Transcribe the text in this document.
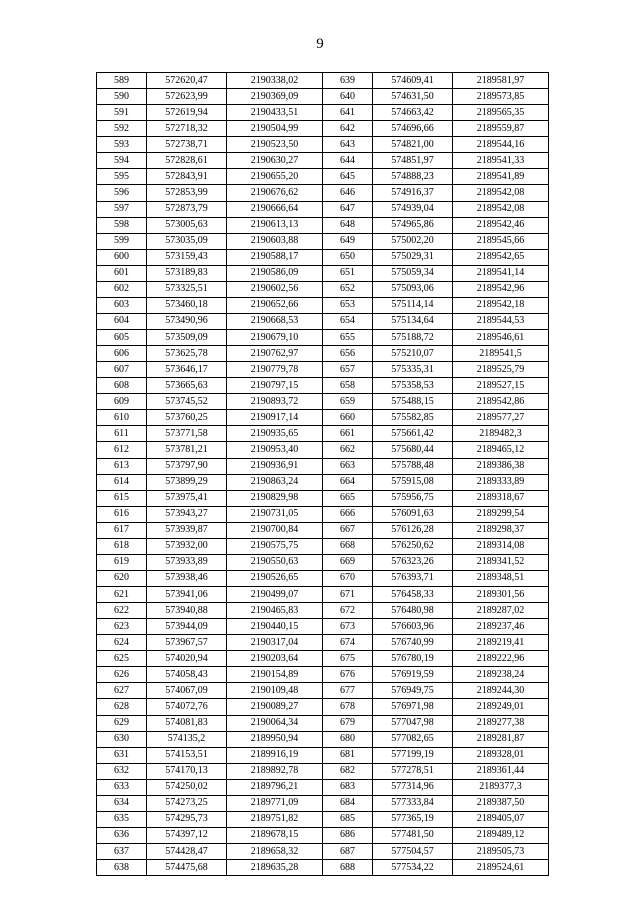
9
589	572620,47	2190338,02	639	574609,41	2189581,97
590	572623,99	2190369,09	640	574631,50	2189573,85
591	572619,94	2190433,51	641	574663,42	2189565,35
592	572718,32	2190504,99	642	574696,66	2189559,87
593	572738,71	2190523,50	643	574821,00	2189544,16
594	572828,61	2190630,27	644	574851,97	2189541,33
595	572843,91	2190655,20	645	574888,23	2189541,89
596	572853,99	2190676,62	646	574916,37	2189542,08
597	572873,79	2190666,64	647	574939,04	2189542,08
598	573005,63	2190613,13	648	574965,86	2189542,46
599	573035,09	2190603,88	649	575002,20	2189545,66
600	573159,43	2190588,17	650	575029,31	2189542,65
601	573189,83	2190586,09	651	575059,34	2189541,14
602	573325,51	2190602,56	652	575093,06	2189542,96
603	573460,18	2190652,66	653	575114,14	2189542,18
604	573490,96	2190668,53	654	575134,64	2189544,53
605	573509,09	2190679,10	655	575188,72	2189546,61
606	573625,78	2190762,97	656	575210,07	2189541,5
607	573646,17	2190779,78	657	575335,31	2189525,79
608	573665,63	2190797,15	658	575358,53	2189527,15
609	573745,52	2190893,72	659	575488,15	2189542,86
610	573760,25	2190917,14	660	575582,85	2189577,27
611	573771,58	2190935,65	661	575661,42	2189482,3
612	573781,21	2190953,40	662	575680,44	2189465,12
613	573797,90	2190936,91	663	575788,48	2189386,38
614	573899,29	2190863,24	664	575915,08	2189333,89
615	573975,41	2190829,98	665	575956,75	2189318,67
616	573943,27	2190731,05	666	576091,63	2189299,54
617	573939,87	2190700,84	667	576126,28	2189298,37
618	573932,00	2190575,75	668	576250,62	2189314,08
619	573933,89	2190550,63	669	576323,26	2189341,52
620	573938,46	2190526,65	670	576393,71	2189348,51
621	573941,06	2190499,07	671	576458,33	2189301,56
622	573940,88	2190465,83	672	576480,98	2189287,02
623	573944,09	2190440,15	673	576603,96	2189237,46
624	573967,57	2190317,04	674	576740,99	2189219,41
625	574020,94	2190203,64	675	576780,19	2189222,96
626	574058,43	2190154,89	676	576919,59	2189238,24
627	574067,09	2190109,48	677	576949,75	2189244,30
628	574072,76	2190089,27	678	576971,98	2189249,01
629	574081,83	2190064,34	679	577047,98	2189277,38
630	574135,2	2189950,94	680	577082,65	2189281,87
631	574153,51	2189916,19	681	577199,19	2189328,01
632	574170,13	2189892,78	682	577278,51	2189361,44
633	574250,02	2189796,21	683	577314,96	2189377,3
634	574273,25	2189771,09	684	577333,84	2189387,50
635	574295,73	2189751,82	685	577365,19	2189405,07
636	574397,12	2189678,15	686	577481,50	2189489,12
637	574428,47	2189658,32	687	577504,57	2189505,73
638	574475,68	2189635,28	688	577534,22	2189524,61
